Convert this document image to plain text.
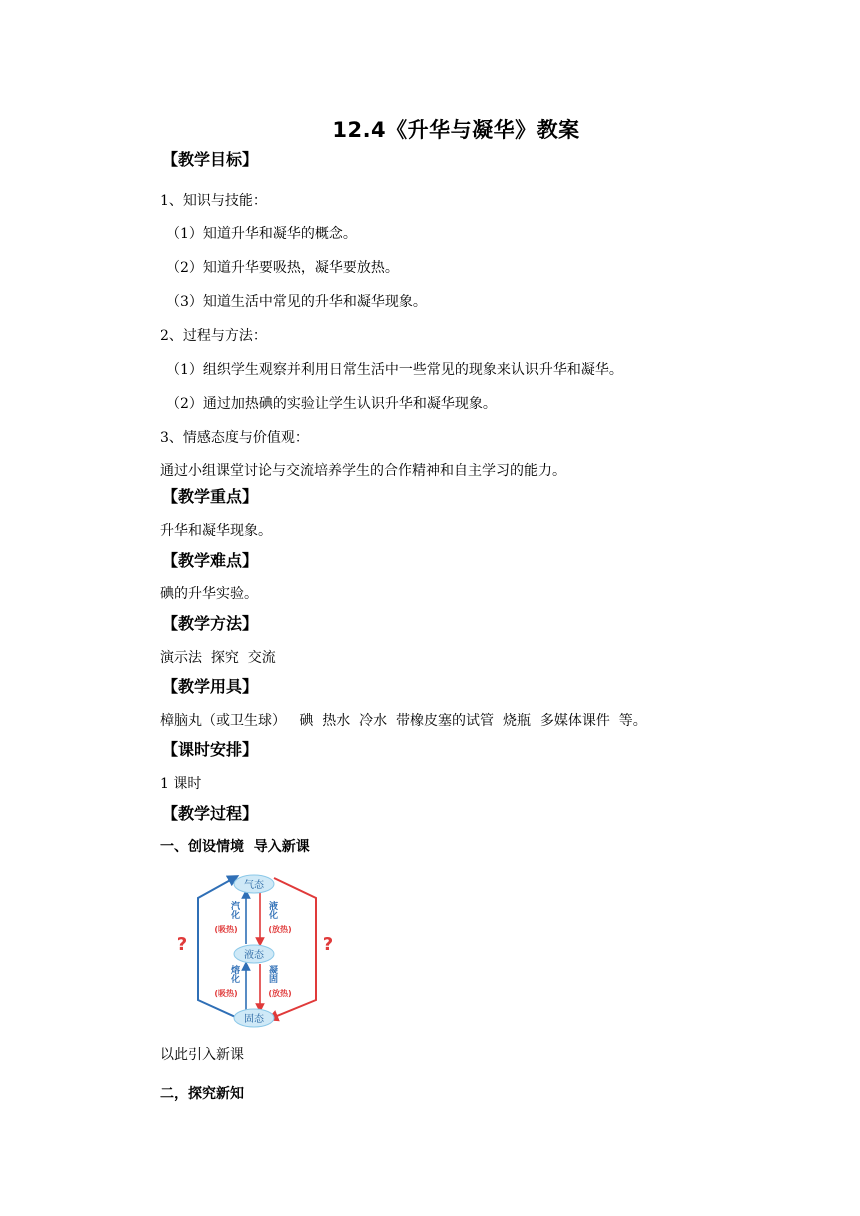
12.4《升华与凝华》教案
【教学目标】
1、知识与技能：
（1）知道升华和凝华的概念。
（2）知道升华要吸热，凝华要放热。
（3）知道生活中常见的升华和凝华现象。
2、过程与方法：
（1）组织学生观察并利用日常生活中一些常见的现象来认识升华和凝华。
（2）通过加热碘的实验让学生认识升华和凝华现象。
3、情感态度与价值观：
通过小组课堂讨论与交流培养学生的合作精神和自主学习的能力。
【教学重点】
升华和凝华现象。
【教学难点】
碘的升华实验。
【教学方法】
演示法  探究  交流
【教学用具】
樟脑丸（或卫生球）   碘  热水  冷水  带橡皮塞的试管  烧瓶  多媒体课件  等。
【课时安排】
1 课时
【教学过程】
一、创设情境  导入新课
气态
液态
固态
汽化
(吸热)
熔化
(吸热)
液化
(放热)
凝固
(放热)
?	?
以此引入新课
二，探究新知
